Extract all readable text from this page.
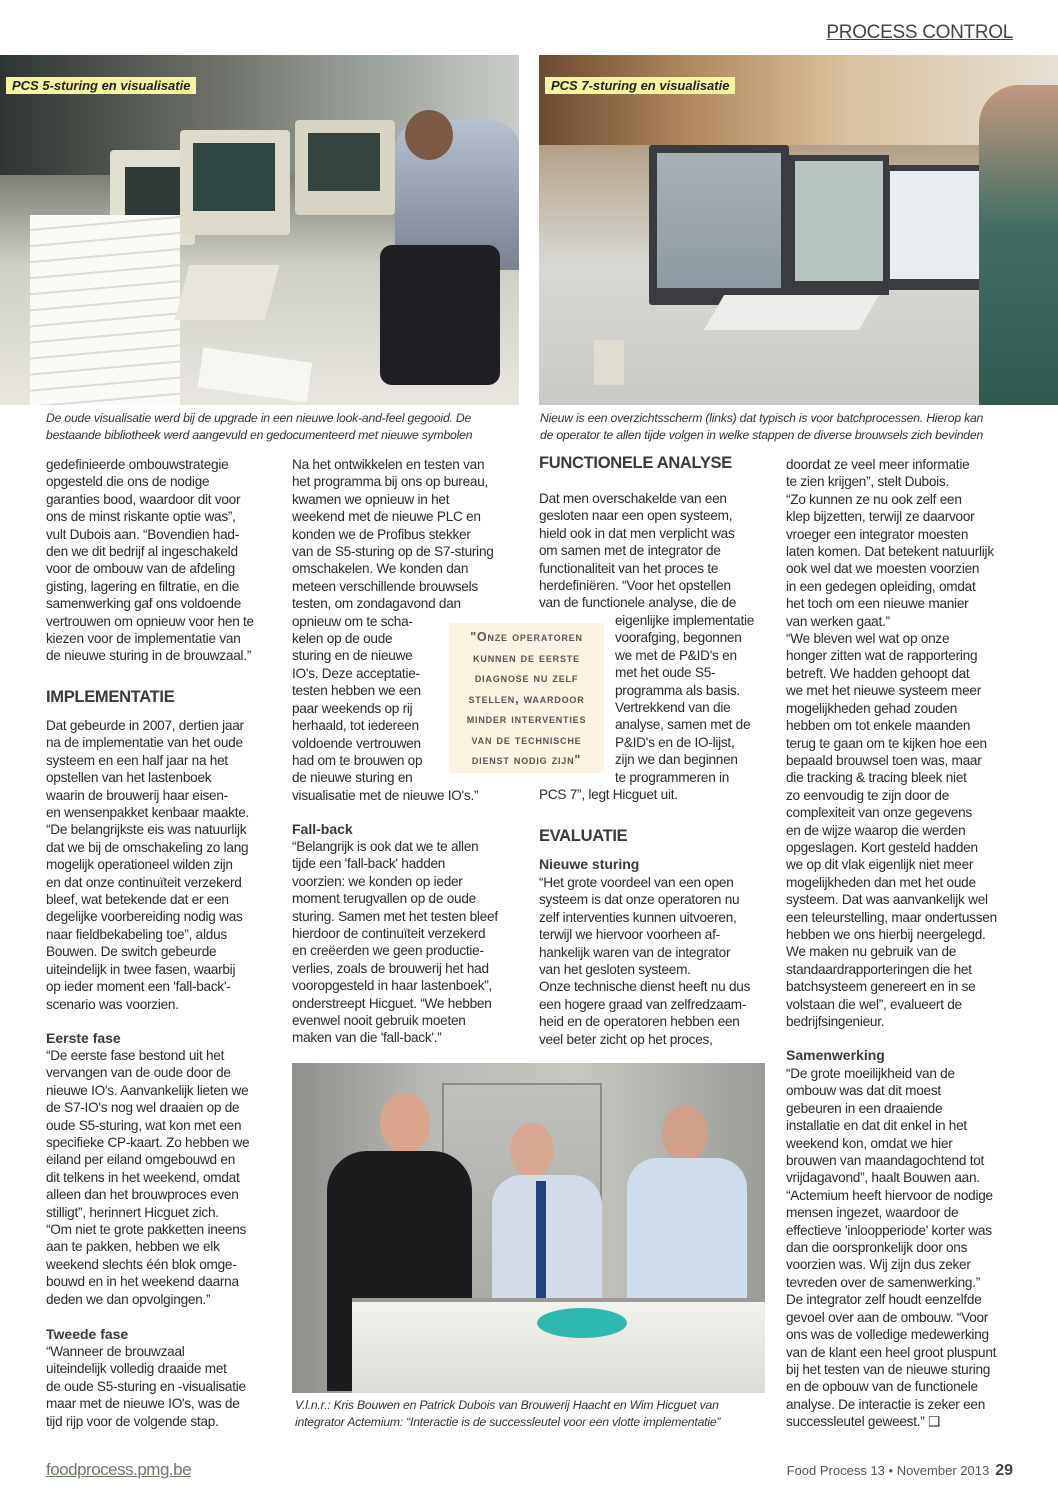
PROCESS CONTROL
PCS 5-sturing en visualisatie
De oude visualisatie werd bij de upgrade in een nieuwe look-and-feel gegooid. De
bestaande bibliotheek werd aangevuld en gedocumenteerd met nieuwe symbolen
PCS 7-sturing en visualisatie
Nieuw is een overzichtsscherm (links) dat typisch is voor batchprocessen. Hierop kan
de operator te allen tijde volgen in welke stappen de diverse brouwsels zich bevinden
gedefinieerde ombouwstrategie
opgesteld die ons de nodige
garanties bood, waardoor dit voor
ons de minst riskante optie was”,
vult Dubois aan. “Bovendien had-
den we dit bedrijf al ingeschakeld
voor de ombouw van de afdeling
gisting, lagering en filtratie, en die
samenwerking gaf ons voldoende
vertrouwen om opnieuw voor hen te
kiezen voor de implementatie van
de nieuwe sturing in de brouwzaal.”
IMPLEMENTATIE
Dat gebeurde in 2007, dertien jaar
na de implementatie van het oude
systeem en een half jaar na het
opstellen van het lastenboek
waarin de brouwerij haar eisen-
en wensenpakket kenbaar maakte.
“De belangrijkste eis was natuurlijk
dat we bij de omschakeling zo lang
mogelijk operationeel wilden zijn
en dat onze continuïteit verzekerd
bleef, wat betekende dat er een
degelijke voorbereiding nodig was
naar fieldbekabeling toe”, aldus
Bouwen. De switch gebeurde
uiteindelijk in twee fasen, waarbij
op ieder moment een 'fall-back'-
scenario was voorzien.
Eerste fase
“De eerste fase bestond uit het
vervangen van de oude door de
nieuwe IO's. Aanvankelijk lieten we
de S7-IO's nog wel draaien op de
oude S5-sturing, wat kon met een
specifieke CP-kaart. Zo hebben we
eiland per eiland omgebouwd en
dit telkens in het weekend, omdat
alleen dan het brouwproces even
stilligt”, herinnert Hicguet zich.
“Om niet te grote pakketten ineens
aan te pakken, hebben we elk
weekend slechts één blok omge-
bouwd en in het weekend daarna
deden we dan opvolgingen.”
Tweede fase
“Wanneer de brouwzaal
uiteindelijk volledig draaide met
de oude S5-sturing en -visualisatie
maar met de nieuwe IO's, was de
tijd rijp voor de volgende stap.
Na het ontwikkelen en testen van
het programma bij ons op bureau,
kwamen we opnieuw in het
weekend met de nieuwe PLC en
konden we de Profibus stekker
van de S5-sturing op de S7-sturing
omschakelen. We konden dan
meteen verschillende brouwsels
testen, om zondagavond dan
opnieuw om te scha-
kelen op de oude
sturing en de nieuwe
IO's. Deze acceptatie-
testen hebben we een
paar weekends op rij
herhaald, tot iedereen
voldoende vertrouwen
had om te brouwen op
de nieuwe sturing en
visualisatie met de nieuwe IO's.”
Fall-back
“Belangrijk is ook dat we te allen
tijde een 'fall-back' hadden
voorzien: we konden op ieder
moment terugvallen op de oude
sturing. Samen met het testen bleef
hierdoor de continuïteit verzekerd
en creëerden we geen productie-
verlies, zoals de brouwerij het had
vooropgesteld in haar lastenboek”,
onderstreept Hicguet. “We hebben
evenwel nooit gebruik moeten
maken van die 'fall-back'.”
"Onze operatoren
kunnen de eerste
diagnose nu zelf
stellen, waardoor
minder interventies
van de technische
dienst nodig zijn"
FUNCTIONELE ANALYSE
Dat men overschakelde van een
gesloten naar een open systeem,
hield ook in dat men verplicht was
om samen met de integrator de
functionaliteit van het proces te
herdefiniëren. “Voor het opstellen
van de functionele analyse, die de
eigenlijke implementatie
voorafging, begonnen
we met de P&ID's en
met het oude S5-
programma als basis.
Vertrekkend van die
analyse, samen met de
P&ID's en de IO-lijst,
zijn we dan beginnen
te programmeren in
PCS 7”, legt Hicguet uit.
EVALUATIE
Nieuwe sturing
“Het grote voordeel van een open
systeem is dat onze operatoren nu
zelf interventies kunnen uitvoeren,
terwijl we hiervoor voorheen af-
hankelijk waren van de integrator
van het gesloten systeem.
Onze technische dienst heeft nu dus
een hogere graad van zelfredzaam-
heid en de operatoren hebben een
veel beter zicht op het proces,
doordat ze veel meer informatie
te zien krijgen”, stelt Dubois.
“Zo kunnen ze nu ook zelf een
klep bijzetten, terwijl ze daarvoor
vroeger een integrator moesten
laten komen. Dat betekent natuurlijk
ook wel dat we moesten voorzien
in een gedegen opleiding, omdat
het toch om een nieuwe manier
van werken gaat.”
“We bleven wel wat op onze
honger zitten wat de rapportering
betreft. We hadden gehoopt dat
we met het nieuwe systeem meer
mogelijkheden gehad zouden
hebben om tot enkele maanden
terug te gaan om te kijken hoe een
bepaald brouwsel toen was, maar
die tracking & tracing bleek niet
zo eenvoudig te zijn door de
complexiteit van onze gegevens
en de wijze waarop die werden
opgeslagen. Kort gesteld hadden
we op dit vlak eigenlijk niet meer
mogelijkheden dan met het oude
systeem. Dat was aanvankelijk wel
een teleurstelling, maar ondertussen
hebben we ons hierbij neergelegd.
We maken nu gebruik van de
standaardrapporteringen die het
batchsysteem genereert en in se
volstaan die wel”, evalueert de
bedrijfsingenieur.
Samenwerking
“De grote moeilijkheid van de
ombouw was dat dit moest
gebeuren in een draaiende
installatie en dat dit enkel in het
weekend kon, omdat we hier
brouwen van maandagochtend tot
vrijdagavond”, haalt Bouwen aan.
“Actemium heeft hiervoor de nodige
mensen ingezet, waardoor de
effectieve 'inloopperiode' korter was
dan die oorspronkelijk door ons
voorzien was. Wij zijn dus zeker
tevreden over de samenwerking.”
De integrator zelf houdt eenzelfde
gevoel over aan de ombouw. “Voor
ons was de volledige medewerking
van de klant een heel groot pluspunt
bij het testen van de nieuwe sturing
en de opbouw van de functionele
analyse. De interactie is zeker een
successleutel geweest.” ❑
V.l.n.r.: Kris Bouwen en Patrick Dubois van Brouwerij Haacht en Wim Hicguet van
integrator Actemium: “Interactie is de successleutel voor een vlotte implementatie”
foodprocess.pmg.be	Food Process 13 • November 2013 29
